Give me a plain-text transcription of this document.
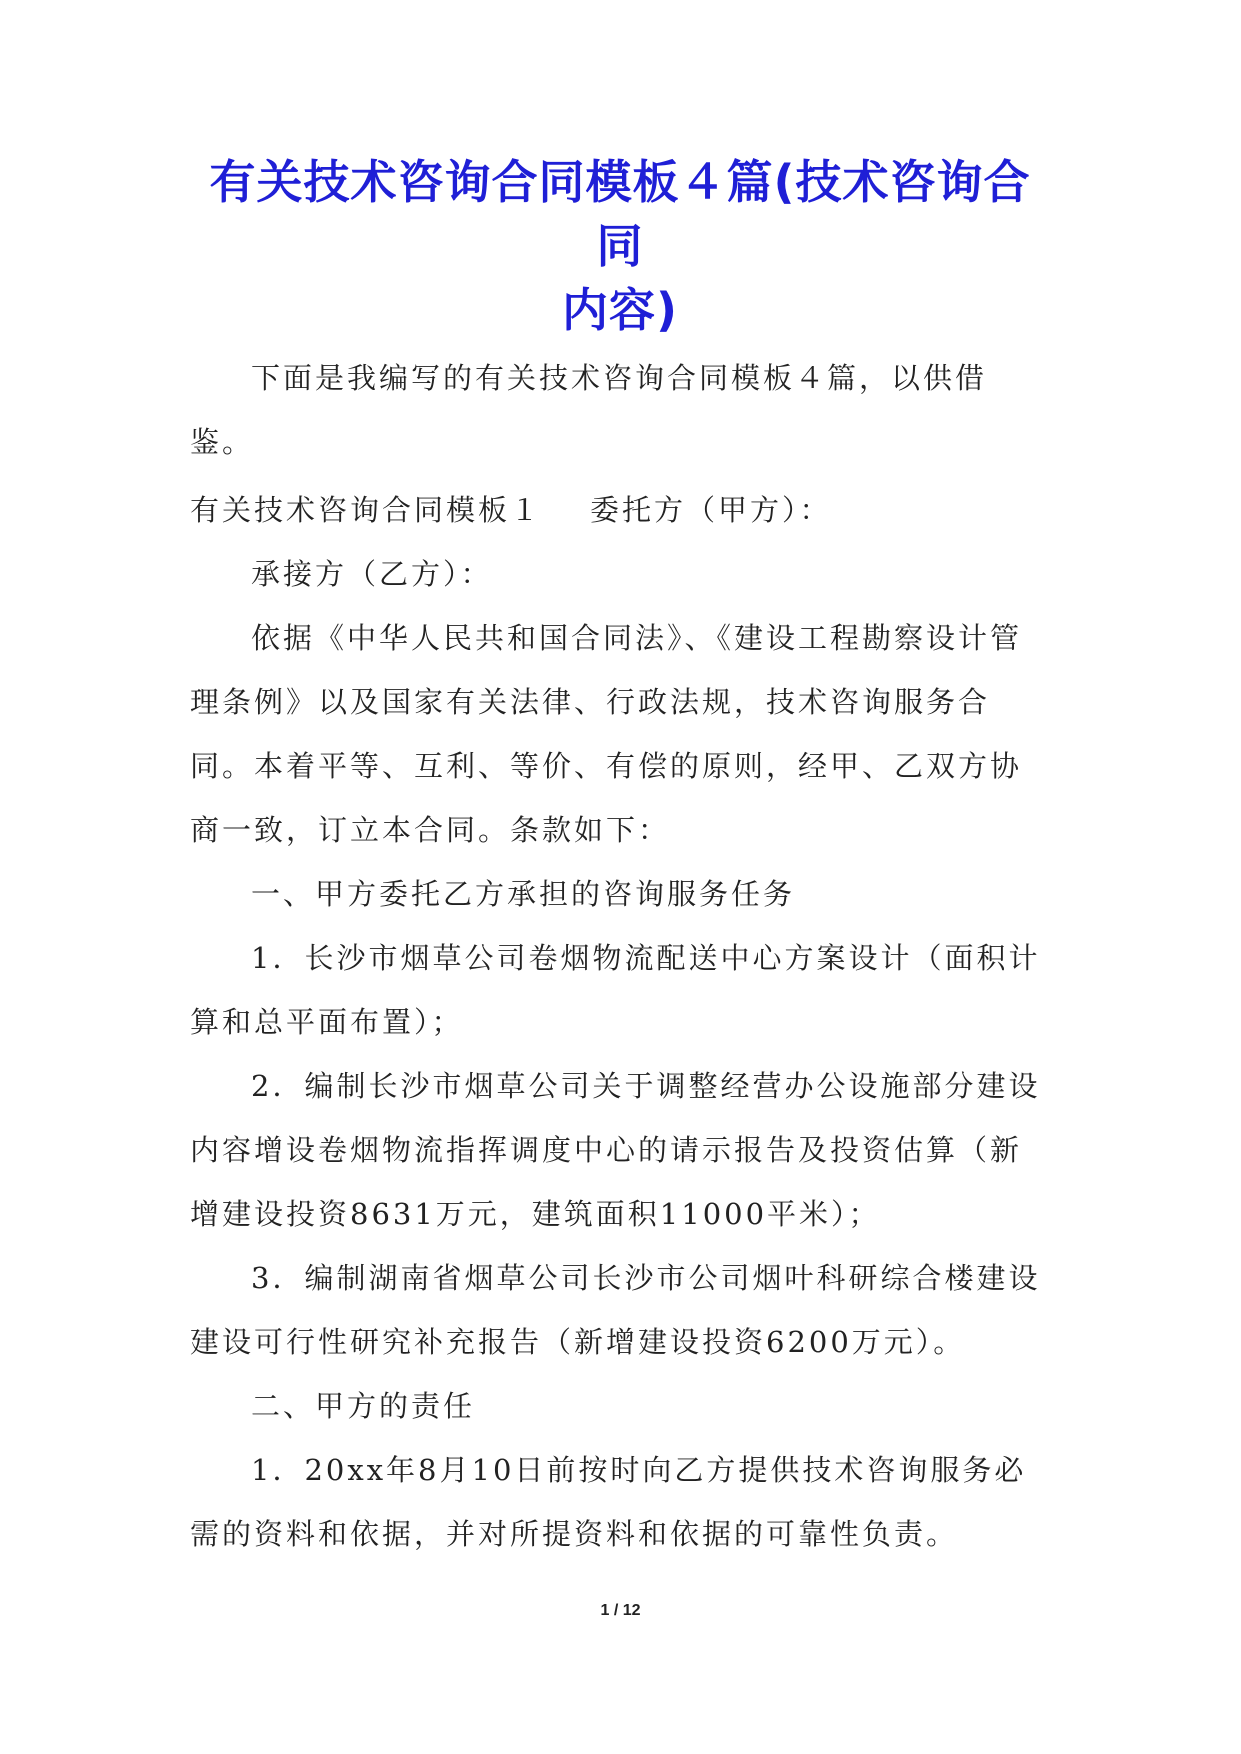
有关技术咨询合同模板４篇(技术咨询合同
内容)

下面是我编写的有关技术咨询合同模板４篇，以供借鉴。

有关技术咨询合同模板１	委托方（甲方）：

承接方（乙方）：

依据《中华人民共和国合同法》、《建设工程勘察设计管理条例》以及国家有关法律、行政法规，技术咨询服务合同。本着平等、互利、等价、有偿的原则，经甲、乙双方协商一致，订立本合同。条款如下：

一、甲方委托乙方承担的咨询服务任务

1．长沙市烟草公司卷烟物流配送中心方案设计（面积计算和总平面布置）；

2．编制长沙市烟草公司关于调整经营办公设施部分建设内容增设卷烟物流指挥调度中心的请示报告及投资估算（新增建设投资8631万元，建筑面积11000平米）；

3．编制湖南省烟草公司长沙市公司烟叶科研综合楼建设建设可行性研究补充报告（新增建设投资6200万元）。

二、甲方的责任

1．20xx年8月10日前按时向乙方提供技术咨询服务必需的资料和依据，并对所提资料和依据的可靠性负责。

1 / 12
